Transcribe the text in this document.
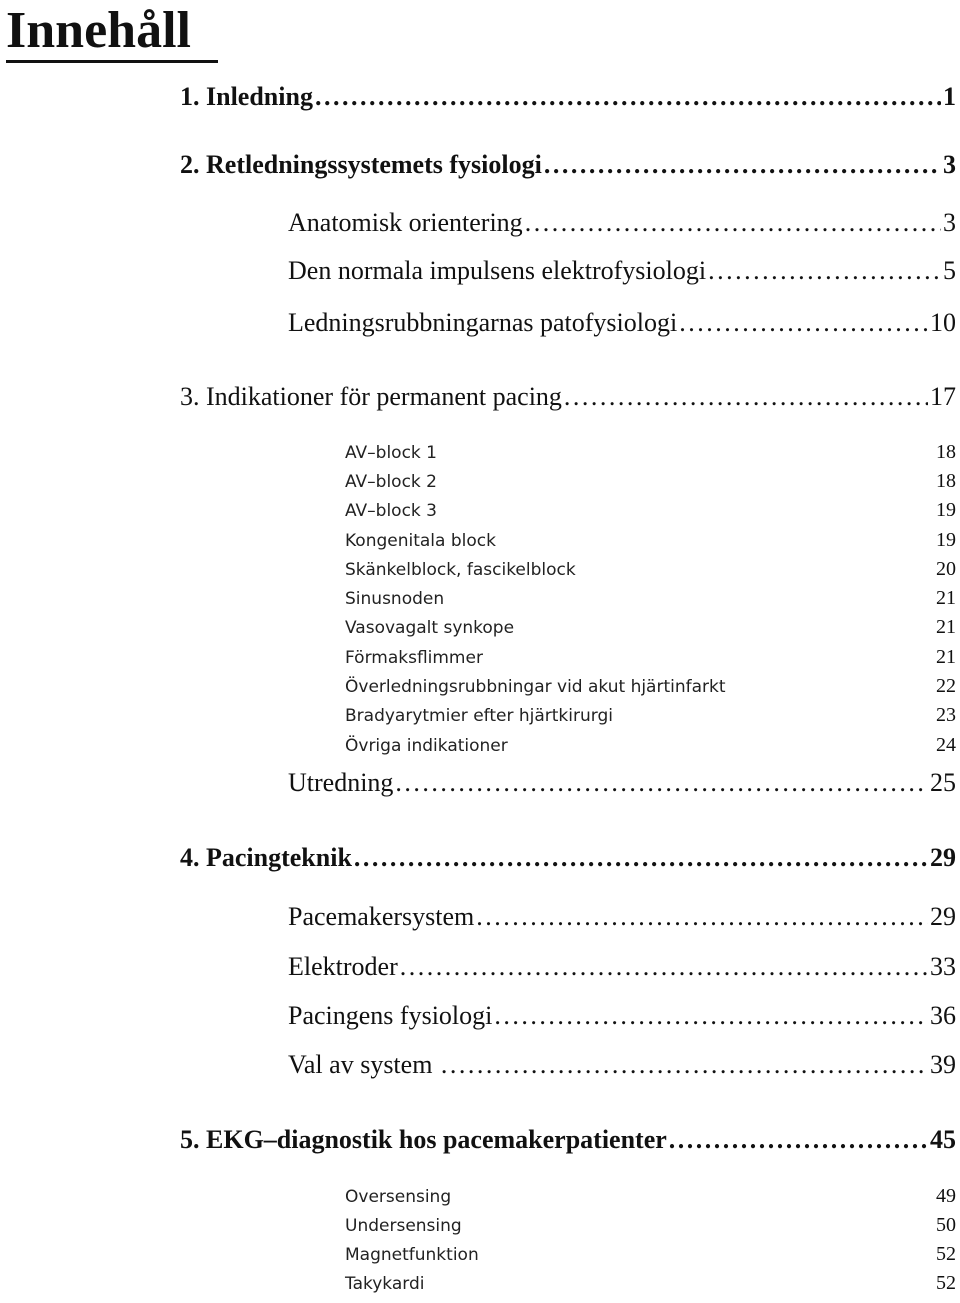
Innehåll
1. Inledning . . .	1
2. Retledningssystemets fysiologi . . .	3
Anatomisk orientering . . .	3
Den normala impulsens elektrofysiologi . . .	5
Ledningsrubbningarnas patofysiologi . . .	10
3. Indikationer för permanent pacing . . .	17
AV–block 1	18
AV–block 2	18
AV–block 3	19
Kongenitala block	19
Skänkelblock, fascikelblock	20
Sinusnoden	21
Vasovagalt synkope	21
Förmaksflimmer	21
Överledningsrubbningar vid akut hjärtinfarkt	22
Bradyarytmier efter hjärtkirurgi	23
Övriga indikationer	24
Utredning . . .	25
4. Pacingteknik . . .	29
Pacemakersystem . . .	29
Elektroder . . .	33
Pacingens fysiologi . . .	36
Val av system . . .	39
5. EKG–diagnostik hos pacemakerpatienter . . .	45
Oversensing	49
Undersensing	50
Magnetfunktion	52
Takykardi	52
